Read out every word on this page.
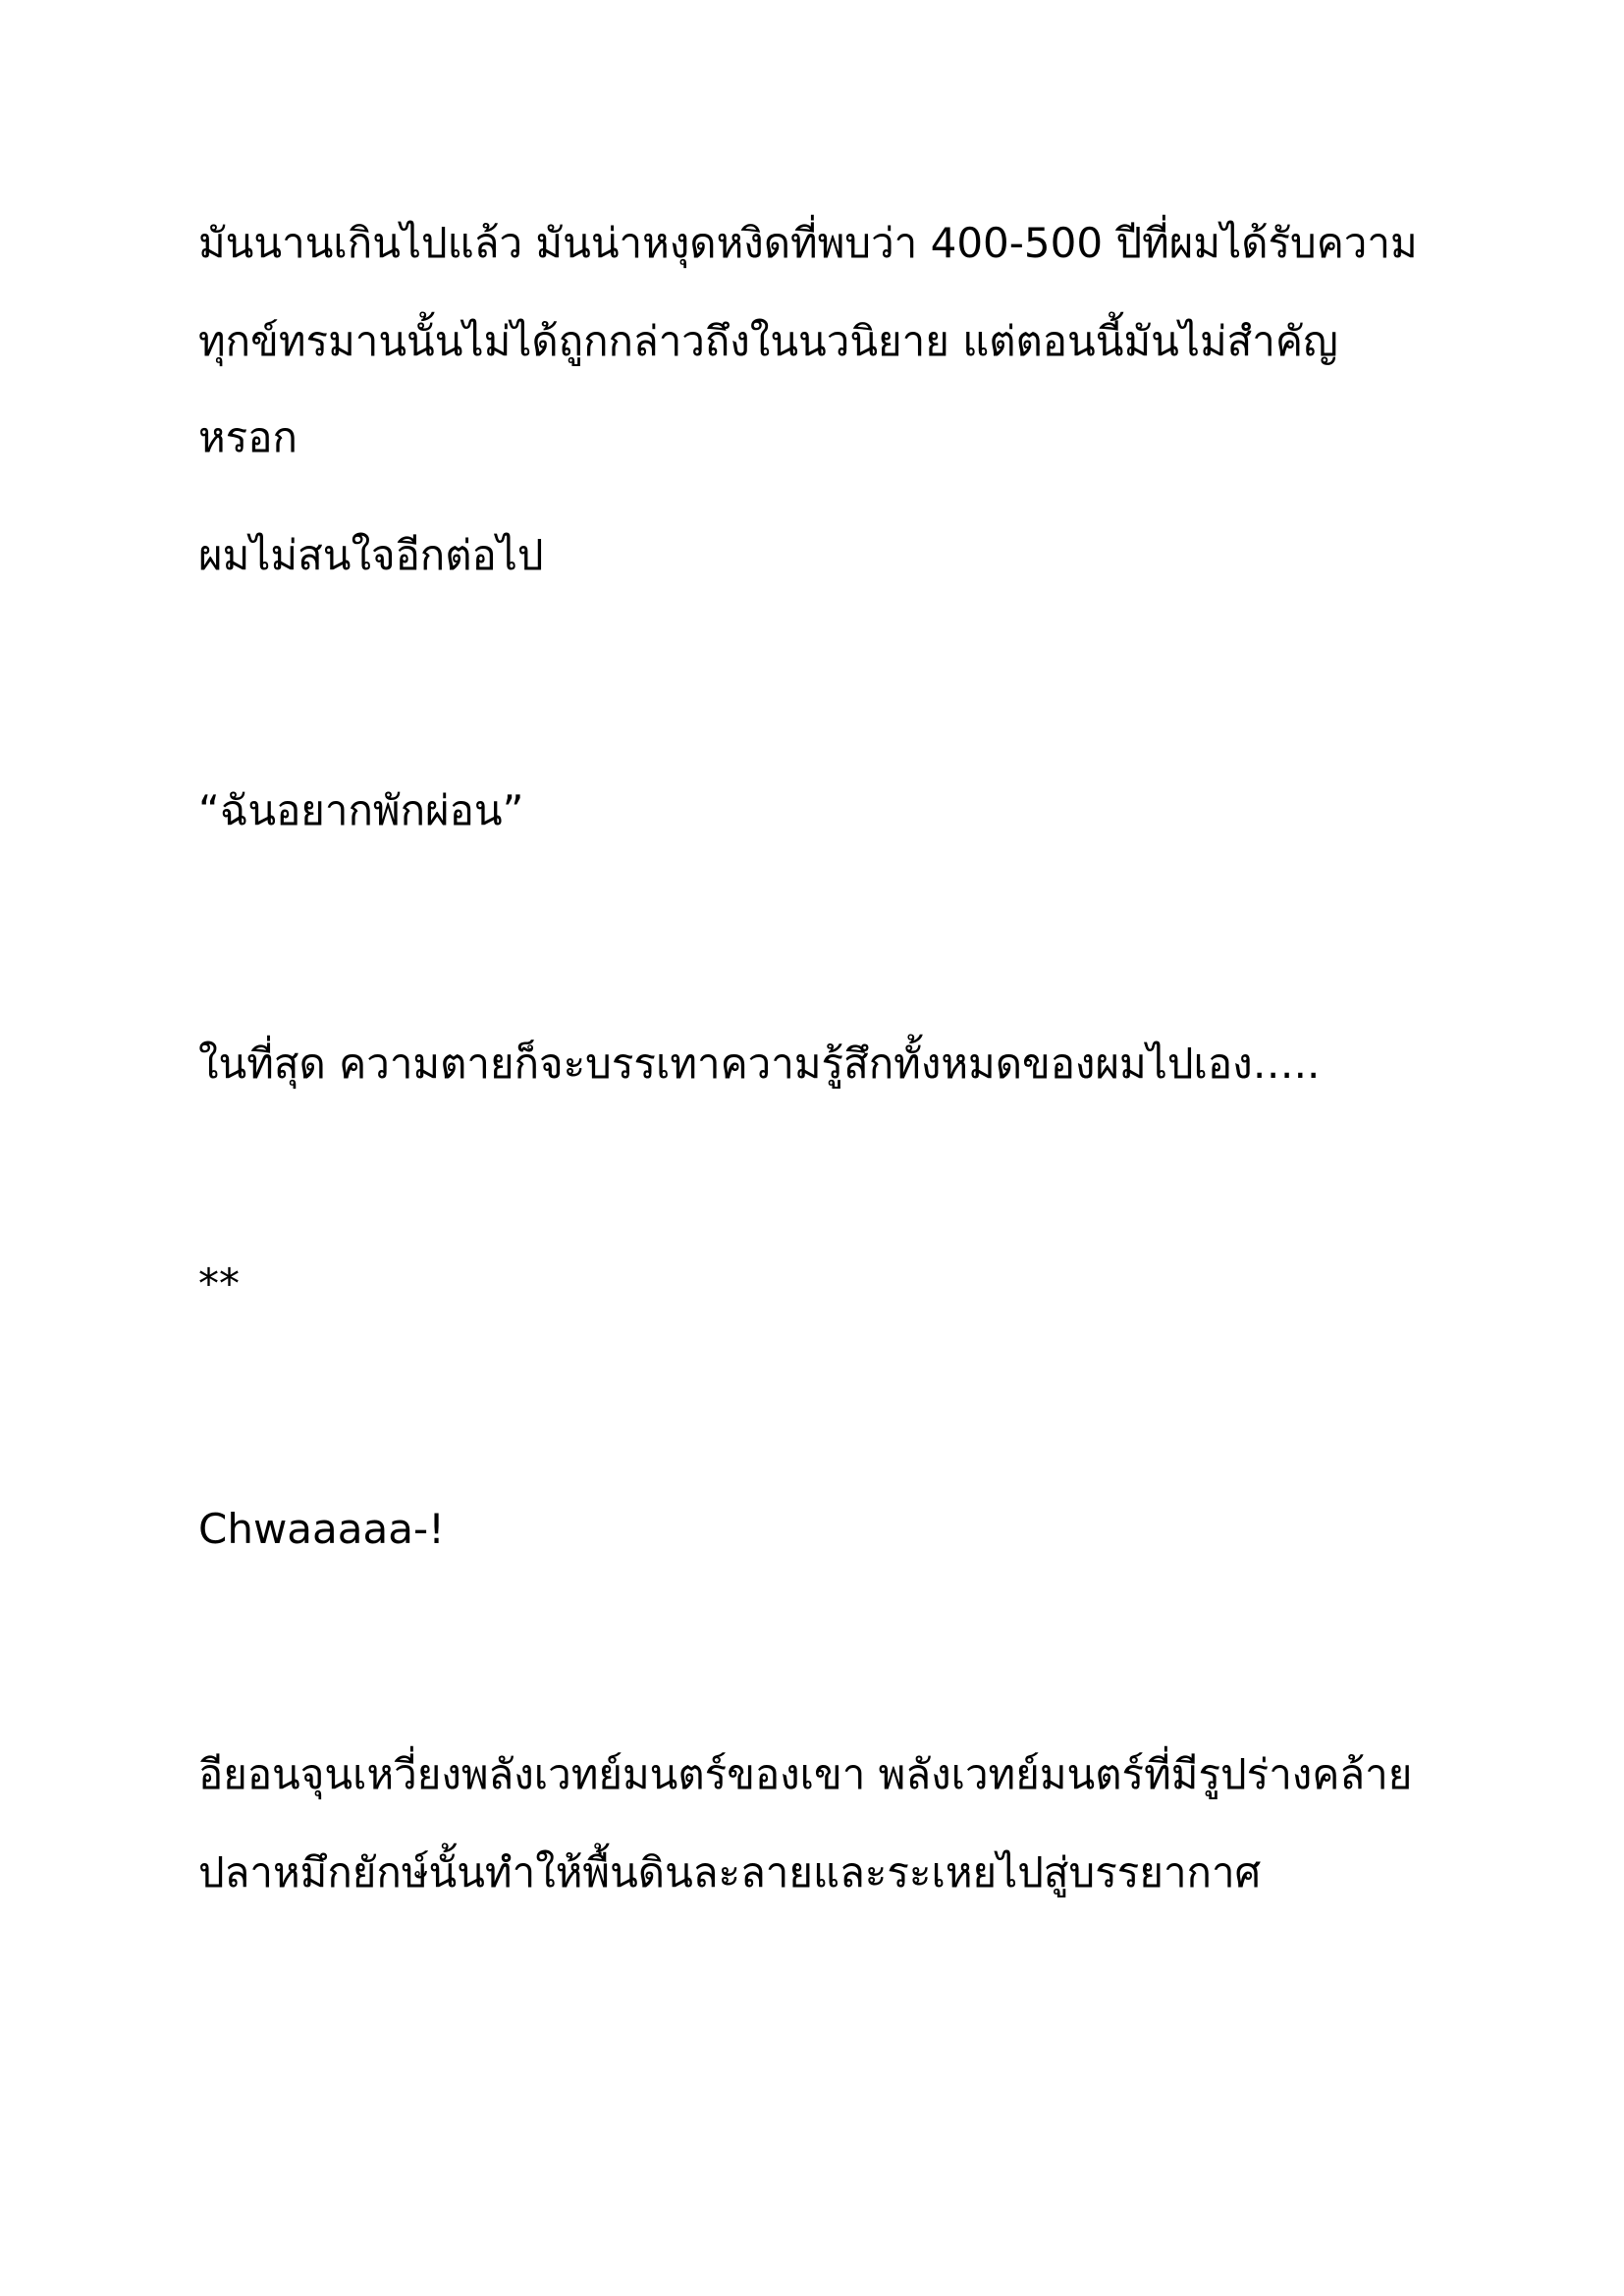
มันนานเกินไปแล้ว มันน่าหงุดหงิดที่พบว่า 400-500 ปีที่ผมได้รับความ

ทุกข์ทรมานนั้นไม่ได้ถูกกล่าวถึงในนวนิยาย แต่ตอนนี้มันไม่สำคัญ

หรอก

ผมไม่สนใจอีกต่อไป

“ฉันอยากพักผ่อน”

ในที่สุด ความตายก็จะบรรเทาความรู้สึกทั้งหมดของผมไปเอง…..

**

Chwaaaaa-!

อียอนจุนเหวี่ยงพลังเวทย์มนตร์ของเขา พลังเวทย์มนตร์ที่มีรูปร่างคล้าย

ปลาหมึกยักษ์นั้นทำให้พื้นดินละลายและระเหยไปสู่บรรยากาศ
